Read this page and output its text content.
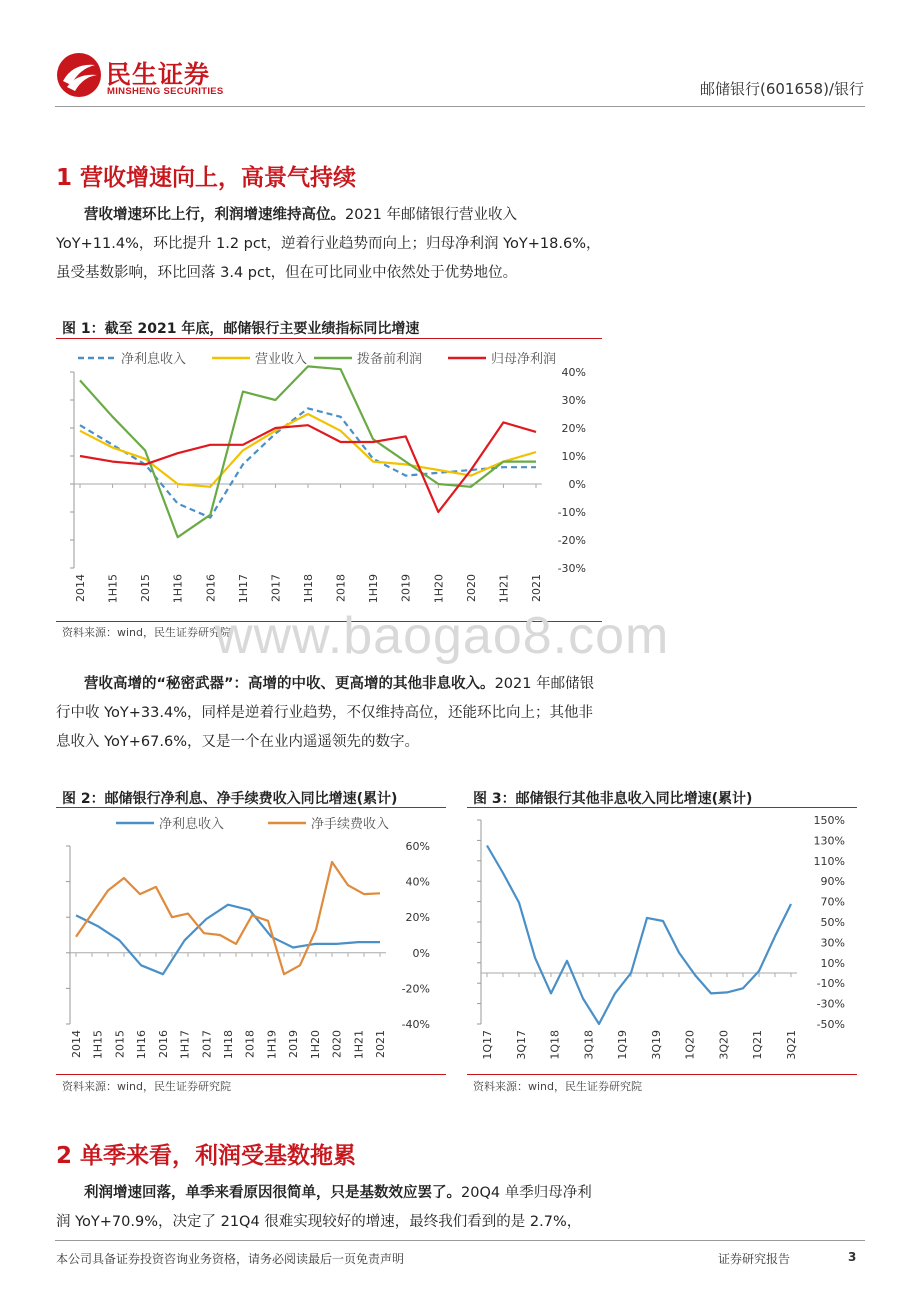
民生证券
MINSHENG SECURITIES	邮储银行(601658)/银行
1 营收增速向上，高景气持续
营收增速环比上行，利润增速维持高位。2021 年邮储银行营业收入YoY+11.4%，环比提升 1.2 pct，逆着行业趋势而向上；归母净利润 YoY+18.6%，虽受基数影响，环比回落 3.4 pct，但在可比同业中依然处于优势地位。
图 1：截至 2021 年底，邮储银行主要业绩指标同比增速
40%
30%
20%
10%
0%
-10%
-20%
-30%
2014 1H15 2015 1H16 2016 1H17 2017 1H18 2018 1H19 2019 1H20 2020 1H21 2021
净利息收入	营业收入	拨备前利润	归母净利润
资料来源：wind，民生证券研究院
www.baogao8.com
营收高增的“秘密武器”：高增的中收、更高增的其他非息收入。2021 年邮储银行中收 YoY+33.4%，同样是逆着行业趋势，不仅维持高位，还能环比向上；其他非息收入 YoY+67.6%，又是一个在业内遥遥领先的数字。
图 2：邮储银行净利息、净手续费收入同比增速(累计)
60%
40%
20%
0%
-20%
-40%
2014 1H15 2015 1H16 2016 1H17 2017 1H18 2018 1H19 2019 1H20 2020 1H21 2021
净利息收入	净手续费收入
资料来源：wind，民生证券研究院
图 3：邮储银行其他非息收入同比增速(累计)
150%
130%
110%
90%
70%
50%
30%
10%
-10%
-30%
-50%
1Q17 3Q17 1Q18 3Q18 1Q19 3Q19 1Q20 3Q20 1Q21 3Q21
资料来源：wind，民生证券研究院
2 单季来看，利润受基数拖累
利润增速回落，单季来看原因很简单，只是基数效应罢了。20Q4 单季归母净利润 YoY+70.9%，决定了 21Q4 很难实现较好的增速，最终我们看到的是 2.7%，
本公司具备证券投资咨询业务资格，请务必阅读最后一页免责声明	证券研究报告	3
